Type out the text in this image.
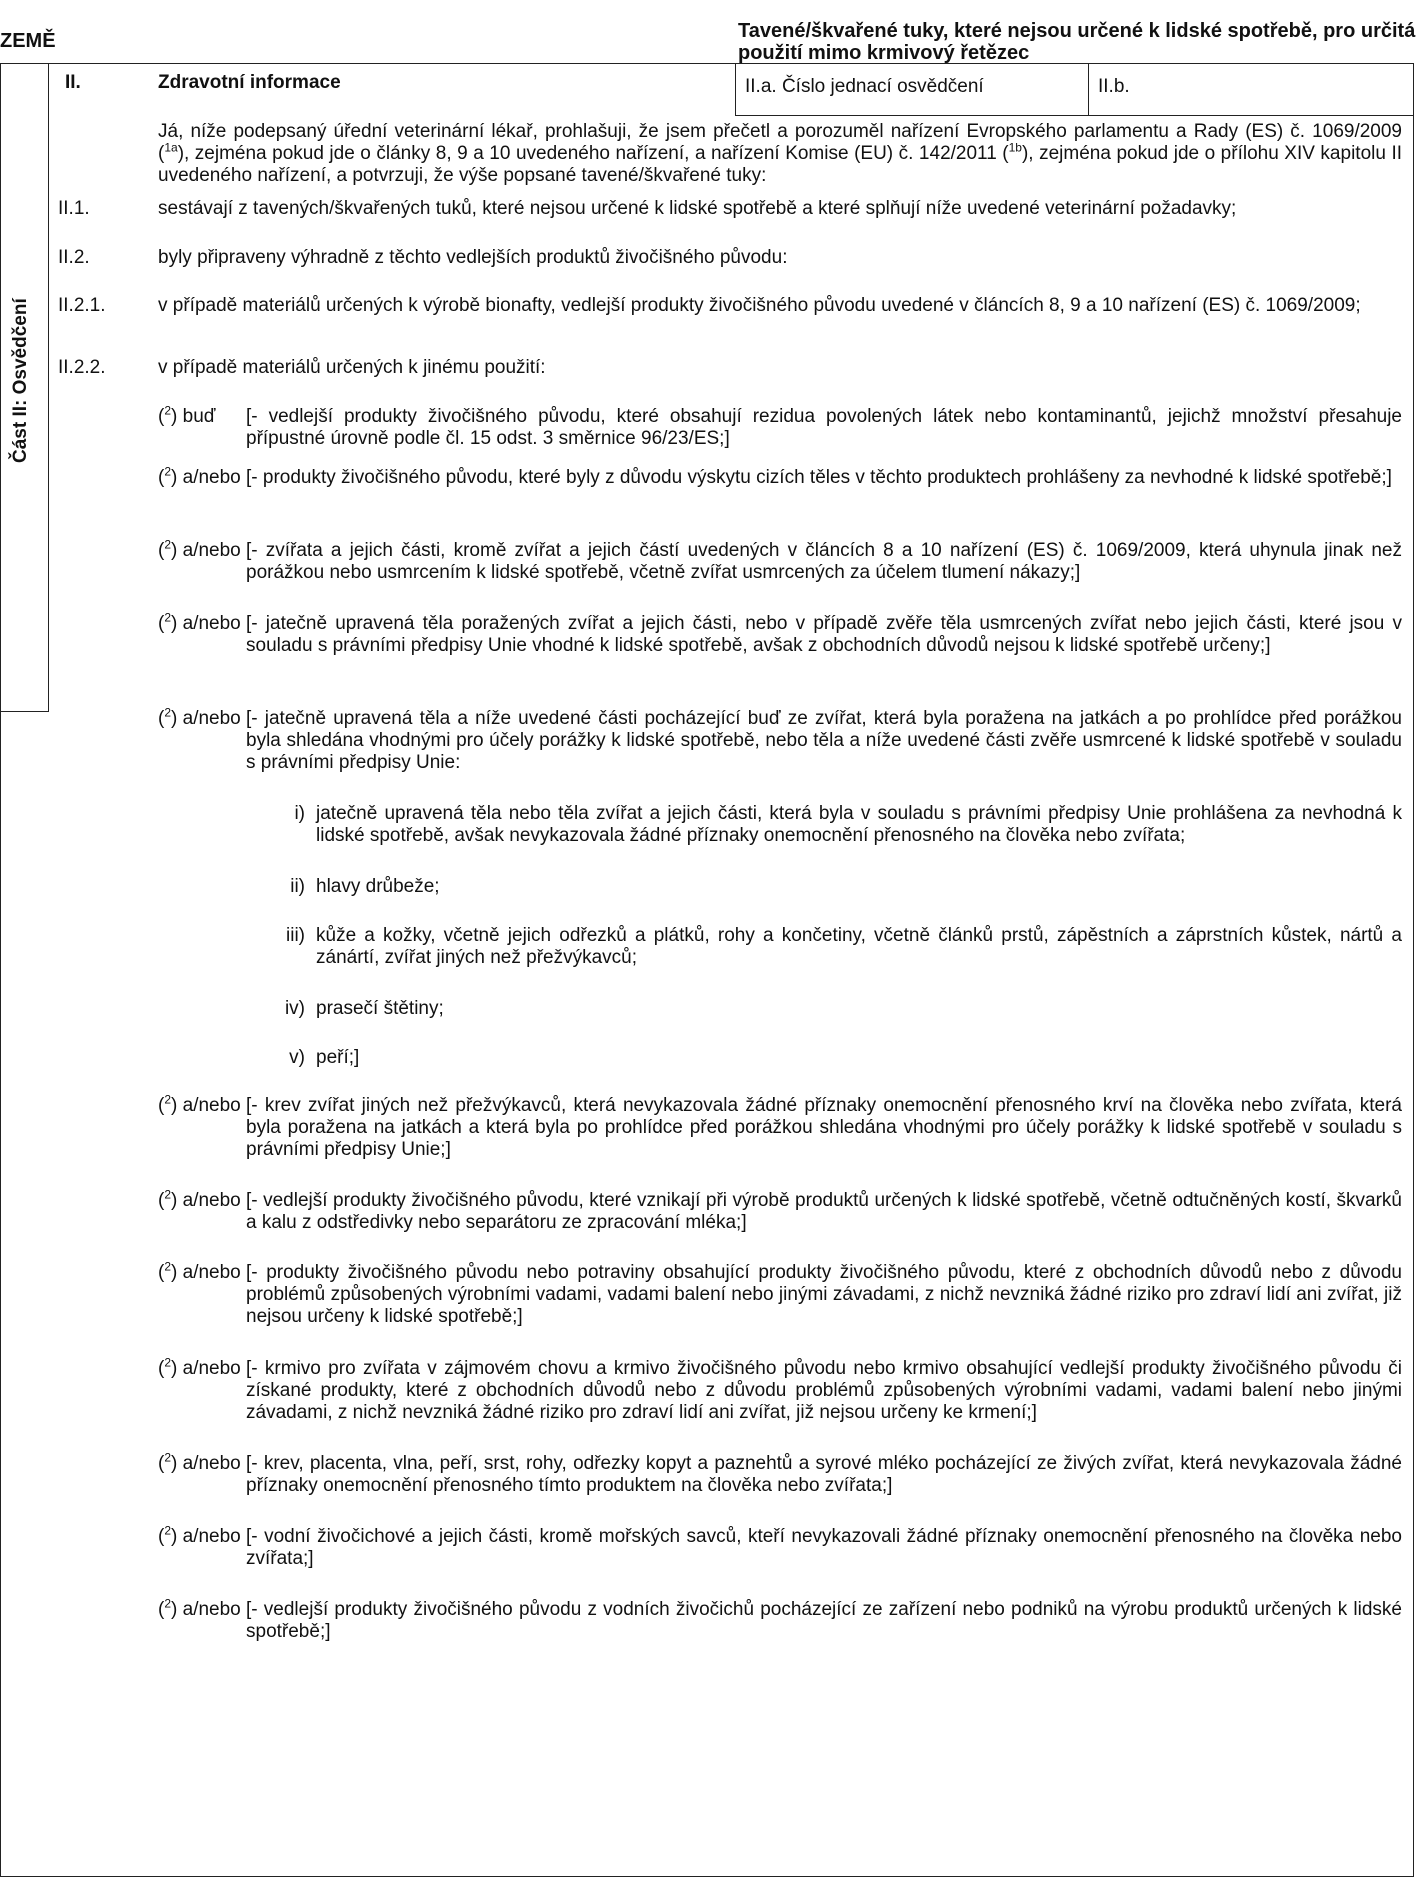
ZEMĚ	Tavené/škvařené tuky, které nejsou určené k lidské spotřebě, pro určitá použití mimo krmivový řetězec
Část II: Osvědčení
II.	Zdravotní informace	II.a. Číslo jednací osvědčení	II.b.
Já, níže podepsaný úřední veterinární lékař, prohlašuji, že jsem přečetl a porozuměl nařízení Evropského parlamentu a Rady (ES) č. 1069/2009 ($^{1a}$), zejména pokud jde o články 8, 9 a 10 uvedeného nařízení, a nařízení Komise (EU) č. 142/2011 ($^{1b}$), zejména pokud jde o přílohu XIV kapitolu II uvedeného nařízení, a potvrzuji, že výše popsané tavené/škvařené tuky:
II.1.	sestávají z tavených/škvařených tuků, které nejsou určené k lidské spotřebě a které splňují níže uvedené veterinární požadavky;
II.2.	byly připraveny výhradně z těchto vedlejších produktů živočišného původu:
II.2.1.	v případě materiálů určených k výrobě bionafty, vedlejší produkty živočišného původu uvedené v článcích 8, 9 a 10 nařízení (ES) č. 1069/2009;
II.2.2.	v případě materiálů určených k jinému použití:
($^2$) buď [- vedlejší produkty živočišného původu, které obsahují rezidua povolených látek nebo kontaminantů, jejichž množství přesahuje přípustné úrovně podle čl. 15 odst. 3 směrnice 96/23/ES;]
($^2$) a/nebo [- produkty živočišného původu, které byly z důvodu výskytu cizích těles v těchto produktech prohlášeny za nevhodné k lidské spotřebě;]
($^2$) a/nebo [- zvířata a jejich části, kromě zvířat a jejich částí uvedených v článcích 8 a 10 nařízení (ES) č. 1069/2009, která uhynula jinak než porážkou nebo usmrcením k lidské spotřebě, včetně zvířat usmrcených za účelem tlumení nákazy;]
($^2$) a/nebo [- jatečně upravená těla poražených zvířat a jejich části, nebo v případě zvěře těla usmrcených zvířat nebo jejich části, které jsou v souladu s právními předpisy Unie vhodné k lidské spotřebě, avšak z obchodních důvodů nejsou k lidské spotřebě určeny;]
($^2$) a/nebo [- jatečně upravená těla a níže uvedené části pocházející buď ze zvířat, která byla poražena na jatkách a po prohlídce před porážkou byla shledána vhodnými pro účely porážky k lidské spotřebě, nebo těla a níže uvedené části zvěře usmrcené k lidské spotřebě v souladu s právními předpisy Unie:
i) jatečně upravená těla nebo těla zvířat a jejich části, která byla v souladu s právními předpisy Unie prohlášena za nevhodná k lidské spotřebě, avšak nevykazovala žádné příznaky onemocnění přenosného na člověka nebo zvířata;
ii) hlavy drůbeže;
iii) kůže a kožky, včetně jejich odřezků a plátků, rohy a končetiny, včetně článků prstů, zápěstních a záprstních kůstek, nártů a zánártí, zvířat jiných než přežvýkavců;
iv) prasečí štětiny;
v) peří;]
($^2$) a/nebo [- krev zvířat jiných než přežvýkavců, která nevykazovala žádné příznaky onemocnění přenosného krví na člověka nebo zvířata, která byla poražena na jatkách a která byla po prohlídce před porážkou shledána vhodnými pro účely porážky k lidské spotřebě v souladu s právními předpisy Unie;]
($^2$) a/nebo [- vedlejší produkty živočišného původu, které vznikají při výrobě produktů určených k lidské spotřebě, včetně odtučněných kostí, škvarků a kalu z odstředivky nebo separátoru ze zpracování mléka;]
($^2$) a/nebo [- produkty živočišného původu nebo potraviny obsahující produkty živočišného původu, které z obchodních důvodů nebo z důvodu problémů způsobených výrobními vadami, vadami balení nebo jinými závadami, z nichž nevzniká žádné riziko pro zdraví lidí ani zvířat, již nejsou určeny k lidské spotřebě;]
($^2$) a/nebo [- krmivo pro zvířata v zájmovém chovu a krmivo živočišného původu nebo krmivo obsahující vedlejší produkty živočišného původu či získané produkty, které z obchodních důvodů nebo z důvodu problémů způsobených výrobními vadami, vadami balení nebo jinými závadami, z nichž nevzniká žádné riziko pro zdraví lidí ani zvířat, již nejsou určeny ke krmení;]
($^2$) a/nebo [- krev, placenta, vlna, peří, srst, rohy, odřezky kopyt a paznehtů a syrové mléko pocházející ze živých zvířat, která nevykazovala žádné příznaky onemocnění přenosného tímto produktem na člověka nebo zvířata;]
($^2$) a/nebo [- vodní živočichové a jejich části, kromě mořských savců, kteří nevykazovali žádné příznaky onemocnění přenosného na člověka nebo zvířata;]
($^2$) a/nebo [- vedlejší produkty živočišného původu z vodních živočichů pocházející ze zařízení nebo podniků na výrobu produktů určených k lidské spotřebě;]
